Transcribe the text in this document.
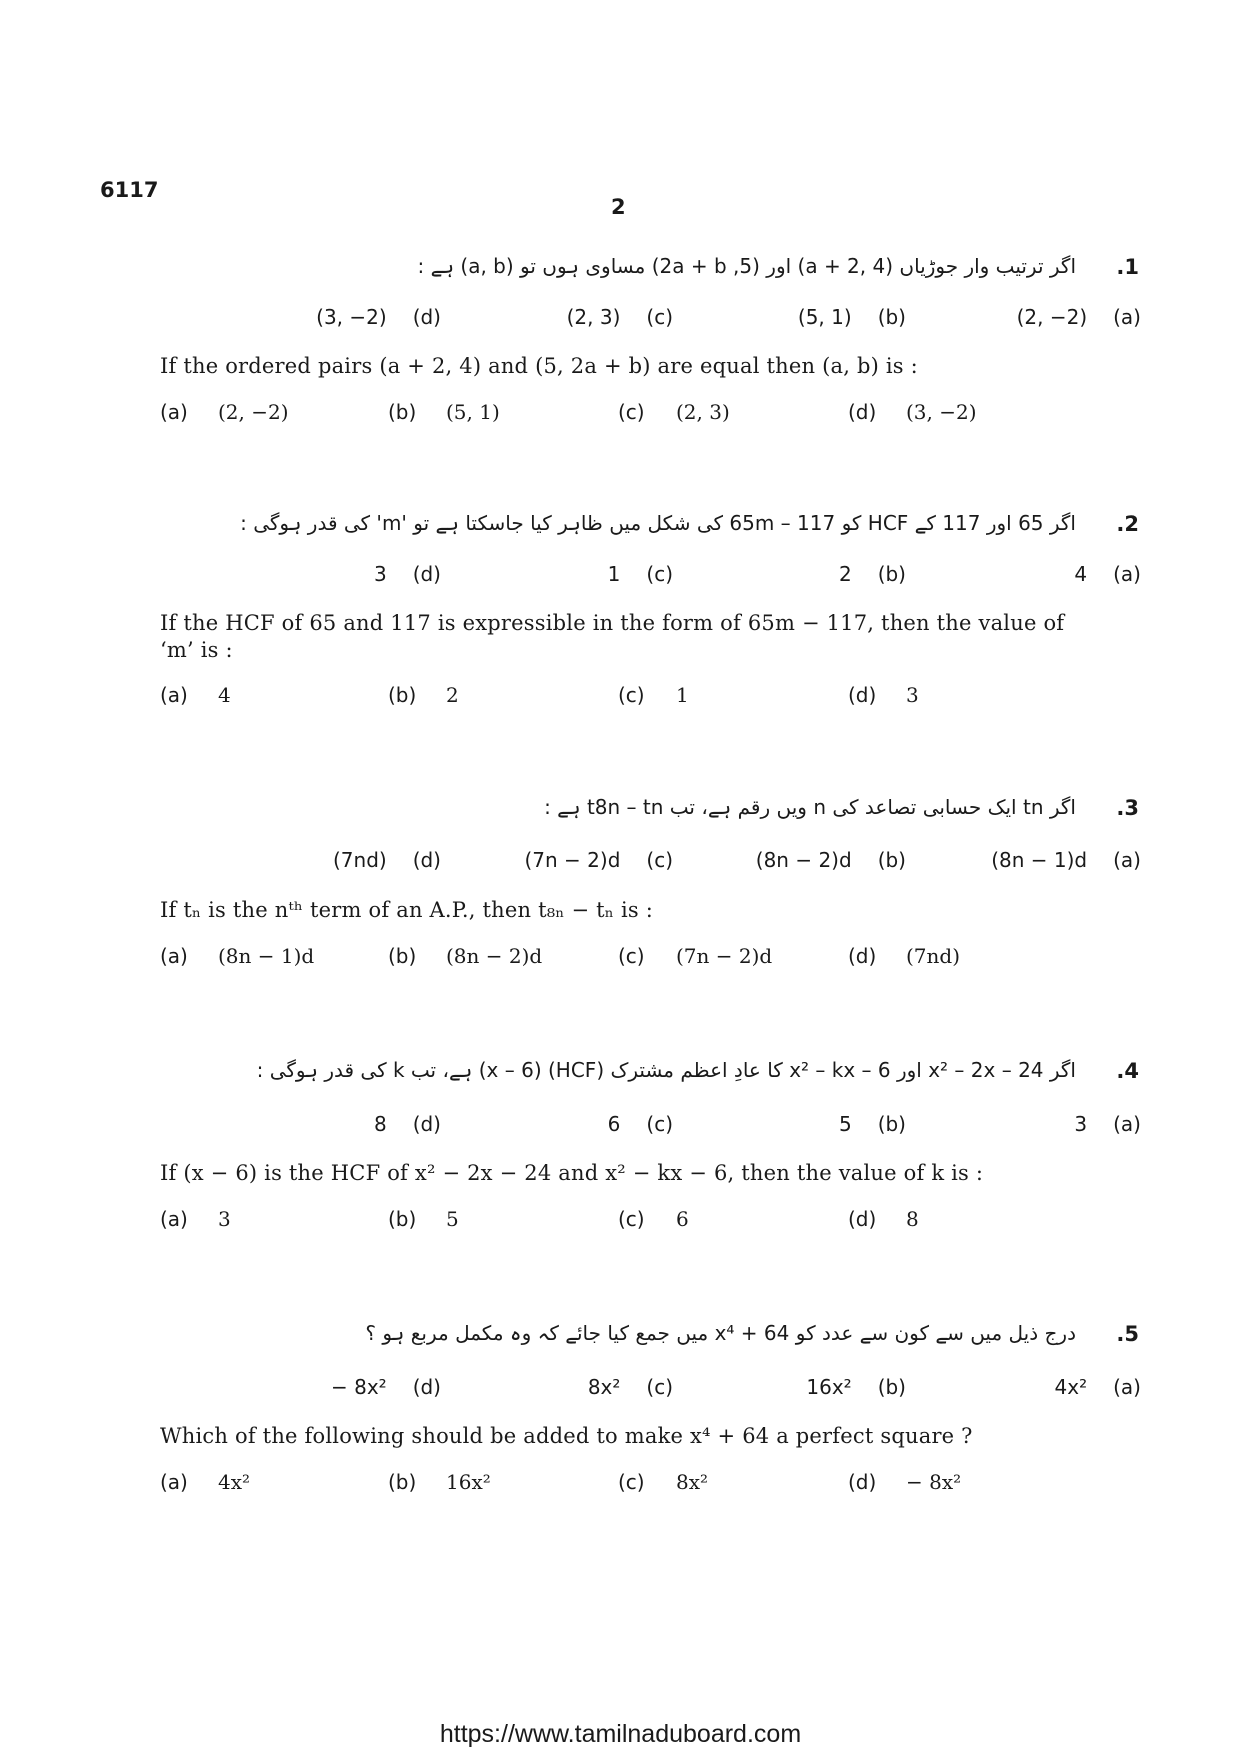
6117
2
.1
اگر ترتیب وار جوڑیاں (a + 2, 4) اور (5, 2a + b) مساوی ہوں تو (a, b) ہے :
(2, −2) (a)
(5, 1) (b)
(2, 3) (c)
(3, −2) (d)
If the ordered pairs (a + 2, 4) and (5, 2a + b) are equal then (a, b) is :
(a) (2, −2)	(b) (5, 1)	(c) (2, 3)	(d) (3, −2)
.2
اگر 65 اور 117 کے HCF کو 65m – 117 کی شکل میں ظاہر کیا جاسکتا ہے تو 'm' کی قدر ہوگی :
4 (a)
2 (b)
1 (c)
3 (d)
If the HCF of 65 and 117 is expressible in the form of 65m − 117, then the value of ‘m’ is :
(a) 4	(b) 2	(c) 1	(d) 3
.3
اگر tn ایک حسابی تصاعد کی n ویں رقم ہے، تب t8n – tn ہے :
(8n − 1)d (a)
(8n − 2)d (b)
(7n − 2)d (c)
(7nd) (d)
If tₙ is the nᵗʰ term of an A.P., then t₈ₙ − tₙ is :
(a) (8n − 1)d	(b) (8n − 2)d	(c) (7n − 2)d	(d) (7nd)
.4
اگر x² – 2x – 24 اور x² – kx – 6 کا عادِ اعظم مشترک (HCF) (x – 6) ہے، تب k کی قدر ہوگی :
3 (a)
5 (b)
6 (c)
8 (d)
If (x − 6) is the HCF of x² − 2x − 24 and x² − kx − 6, then the value of k is :
(a) 3	(b) 5	(c) 6	(d) 8
.5
درج ذیل میں سے کون سے عدد کو x⁴ + 64 میں جمع کیا جائے کہ وہ مکمل مربع ہو ؟
4x² (a)
16x² (b)
8x² (c)
− 8x² (d)
Which of the following should be added to make x⁴ + 64 a perfect square ?
(a) 4x²	(b) 16x²	(c) 8x²	(d) − 8x²
https://www.tamilnaduboard.com
